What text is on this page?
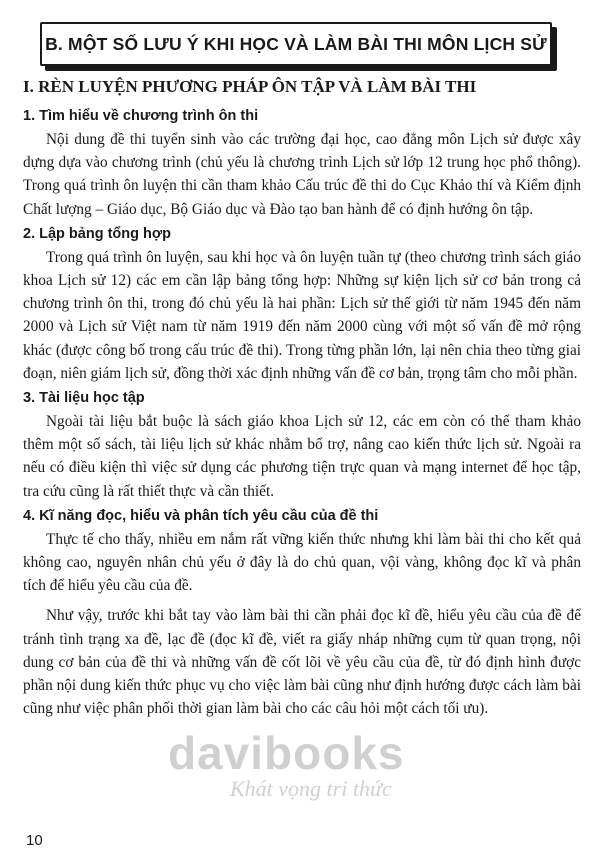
B. MỘT SỐ LƯU Ý KHI HỌC VÀ LÀM BÀI THI MÔN LỊCH SỬ
I. RÈN LUYỆN PHƯƠNG PHÁP ÔN TẬP VÀ LÀM BÀI THI
1. Tìm hiểu về chương trình ôn thi

Nội dung đề thi tuyển sinh vào các trường đại học, cao đẳng môn Lịch sử được xây dựng dựa vào chương trình (chủ yếu là chương trình Lịch sử lớp 12 trung học phổ thông). Trong quá trình ôn luyện thi cần tham khảo Cấu trúc đề thi do Cục Khảo thí và Kiểm định Chất lượng – Giáo dục, Bộ Giáo dục và Đào tạo ban hành để có định hướng ôn tập.

2. Lập bảng tổng hợp

Trong quá trình ôn luyện, sau khi học và ôn luyện tuần tự (theo chương trình sách giáo khoa Lịch sử 12) các em cần lập bảng tổng hợp: Những sự kiện lịch sử cơ bản trong cả chương trình ôn thi, trong đó chủ yếu là hai phần: Lịch sử thế giới từ năm 1945 đến năm 2000 và Lịch sử Việt nam từ năm 1919 đến năm 2000 cùng với một số vấn đề mở rộng khác (được công bố trong cấu trúc đề thi). Trong từng phần lớn, lại nên chia theo từng giai đoạn, niên giám lịch sử, đồng thời xác định những vấn đề cơ bản, trọng tâm cho mỗi phần.

3. Tài liệu học tập

Ngoài tài liệu bắt buộc là sách giáo khoa Lịch sử 12, các em còn có thể tham khảo thêm một số sách, tài liệu lịch sử khác nhằm bổ trợ, nâng cao kiến thức lịch sử. Ngoài ra nếu có điều kiện thì việc sử dụng các phương tiện trực quan và mạng internet để học tập, tra cứu cũng là rất thiết thực và cần thiết.

4. Kĩ năng đọc, hiểu và phân tích yêu cầu của đề thi

Thực tế cho thấy, nhiều em nắm rất vững kiến thức nhưng khi làm bài thi cho kết quả không cao, nguyên nhân chủ yếu ở đây là do chủ quan, vội vàng, không đọc kĩ và phân tích để hiểu yêu cầu của đề.

Như vậy, trước khi bắt tay vào làm bài thi cần phải đọc kĩ đề, hiểu yêu cầu của đề để tránh tình trạng xa đề, lạc đề (đọc kĩ đề, viết ra giấy nháp những cụm từ quan trọng, nội dung cơ bản của đề thi và những vấn đề cốt lõi về yêu cầu của đề, từ đó định hình được phần nội dung kiến thức phục vụ cho việc làm bài cũng như định hướng được cách làm bài cũng như việc phân phối thời gian làm bài cho các câu hỏi một cách tối ưu).

davibooks
Khát vọng tri thức
10
